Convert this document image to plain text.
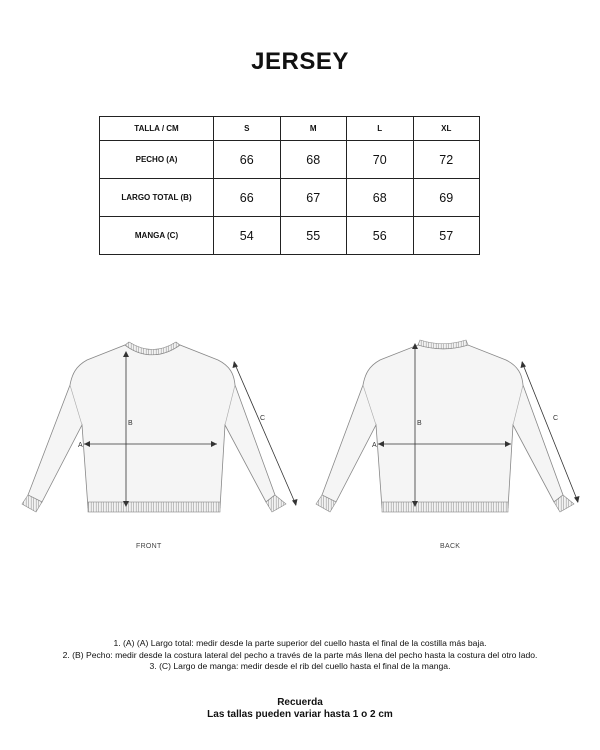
JERSEY
TALLA / CM	S	M	L	XL
PECHO (A)	66	68	70	72
LARGO TOTAL (B)	66	67	68	69
MANGA (C)	54	55	56	57
B
A
C
B
A
C
FRONT	BACK
1. (A) (A) Largo total: medir desde la parte superior del cuello hasta el final de la costilla más baja.
2. (B) Pecho: medir desde la costura lateral del pecho a través de la parte más llena del pecho hasta la costura del otro lado.
3. (C) Largo de manga: medir desde el rib del cuello hasta el final de la manga.
Recuerda
Las tallas pueden variar hasta 1 o 2 cm
